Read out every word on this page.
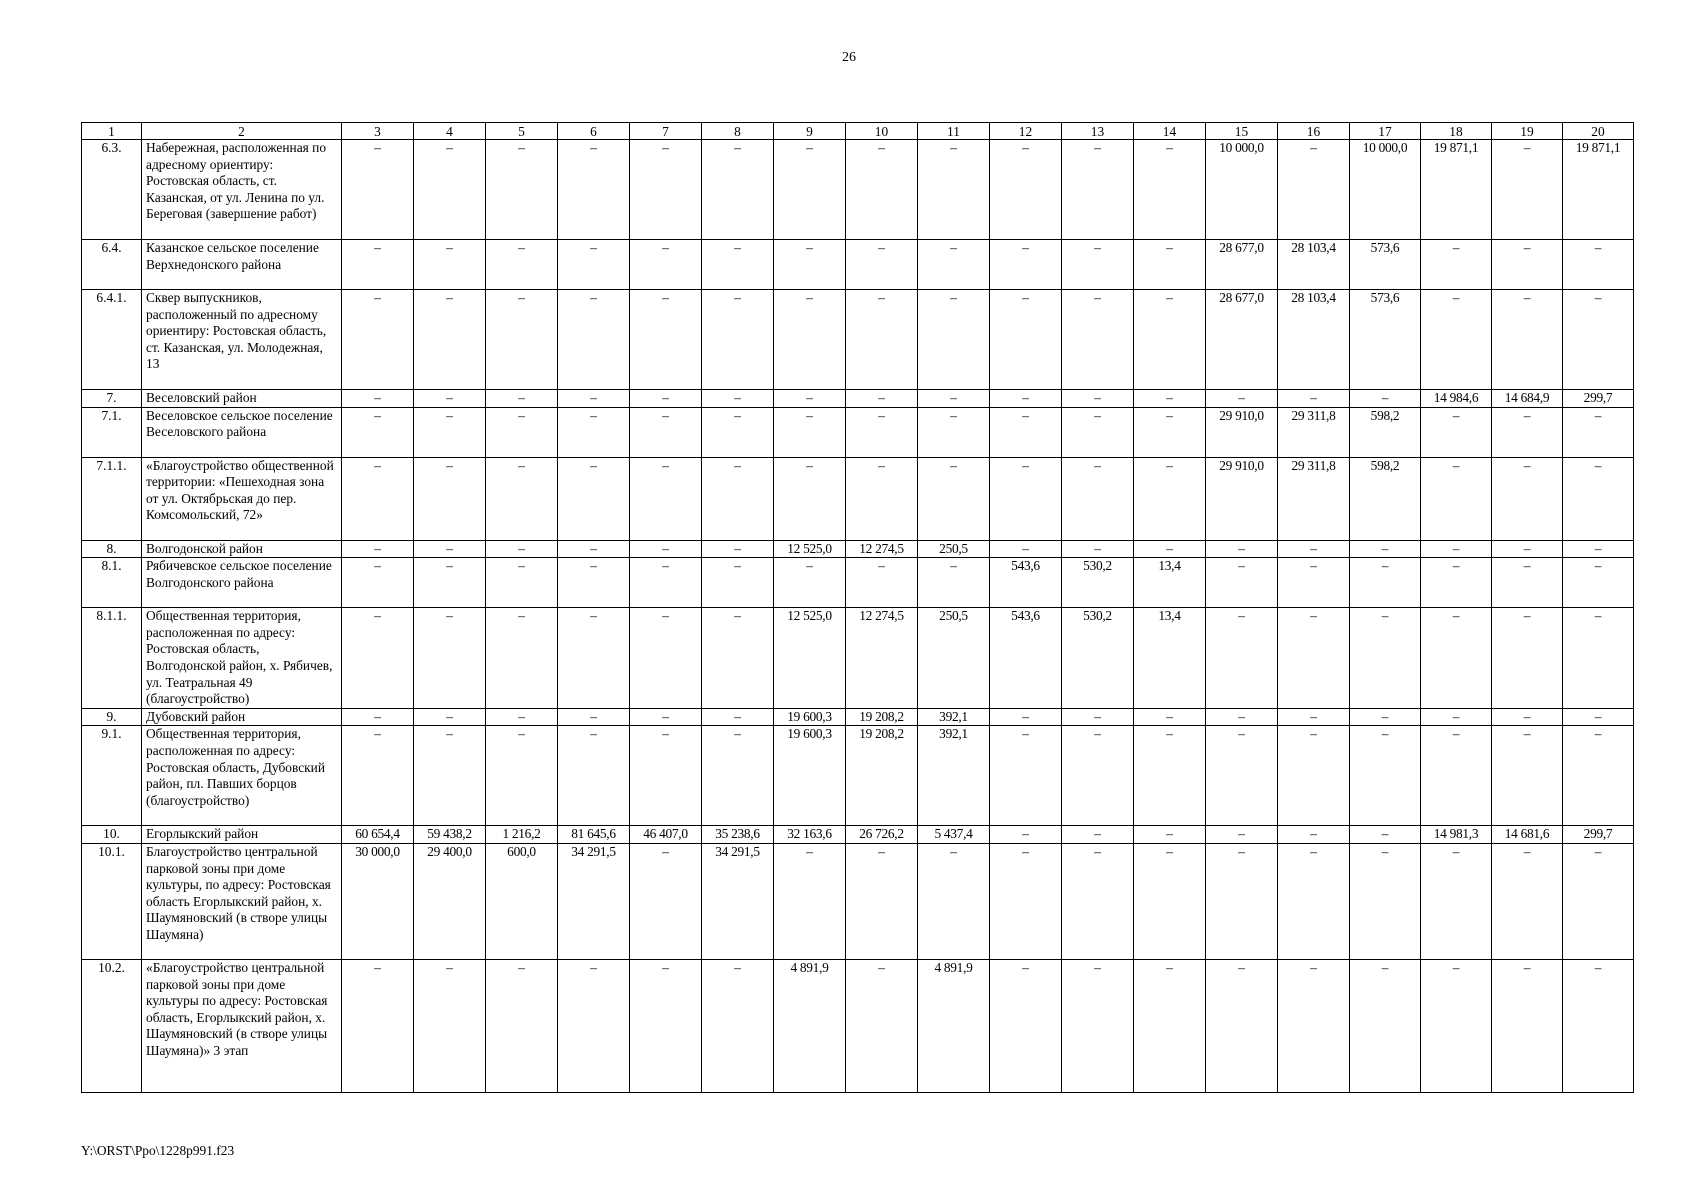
26
1	2	3	4	5	6	7	8	9	10	11	12	13	14	15	16	17	18	19	20
6.3.	Набережная, расположенная по адресному ориентиру: Ростовская область, ст. Казанская, от ул. Ленина по ул. Береговая (завершение работ)	–	–	–	–	–	–	–	–	–	–	–	–	10 000,0	–	10 000,0	19 871,1	–	19 871,1
6.4.	Казанское сельское поселение Верхнедонского района	–	–	–	–	–	–	–	–	–	–	–	–	28 677,0	28 103,4	573,6	–	–	–
6.4.1.	Сквер выпускников, расположенный по адресному ориентиру: Ростовская область, ст. Казанская, ул. Молодежная, 13	–	–	–	–	–	–	–	–	–	–	–	–	28 677,0	28 103,4	573,6	–	–	–
7.	Веселовский район	–	–	–	–	–	–	–	–	–	–	–	–	–	–	–	14 984,6	14 684,9	299,7
7.1.	Веселовское сельское поселение Веселовского района	–	–	–	–	–	–	–	–	–	–	–	–	29 910,0	29 311,8	598,2	–	–	–
7.1.1.	«Благоустройство общественной территории: «Пешеходная зона от ул. Октябрьская до пер. Комсомольский, 72»	–	–	–	–	–	–	–	–	–	–	–	–	29 910,0	29 311,8	598,2	–	–	–
8.	Волгодонской район	–	–	–	–	–	–	12 525,0	12 274,5	250,5	–	–	–	–	–	–	–	–	–
8.1.	Рябичевское сельское поселение Волгодонского района	–	–	–	–	–	–	–	–	–	543,6	530,2	13,4	–	–	–	–	–	–
8.1.1.	Общественная территория, расположенная по адресу: Ростовская область, Волгодонской район, х. Рябичев, ул. Театральная 49 (благоустройство)	–	–	–	–	–	–	12 525,0	12 274,5	250,5	543,6	530,2	13,4	–	–	–	–	–	–
9.	Дубовский район	–	–	–	–	–	–	19 600,3	19 208,2	392,1	–	–	–	–	–	–	–	–	–
9.1.	Общественная территория, расположенная по адресу: Ростовская область, Дубовский район, пл. Павших борцов (благоустройство)	–	–	–	–	–	–	19 600,3	19 208,2	392,1	–	–	–	–	–	–	–	–	–
10.	Егорлыкский район	60 654,4	59 438,2	1 216,2	81 645,6	46 407,0	35 238,6	32 163,6	26 726,2	5 437,4	–	–	–	–	–	–	14 981,3	14 681,6	299,7
10.1.	Благоустройство центральной парковой зоны при доме культуры, по адресу: Ростовская область Егорлыкский район, х. Шаумяновский (в створе улицы Шаумяна)	30 000,0	29 400,0	600,0	34 291,5	–	34 291,5	–	–	–	–	–	–	–	–	–	–	–	–
10.2.	«Благоустройство центральной парковой зоны при доме культуры по адресу: Ростовская область, Егорлыкский район, х. Шаумяновский (в створе улицы Шаумяна)» 3 этап	–	–	–	–	–	–	4 891,9	–	4 891,9	–	–	–	–	–	–	–	–	–
Y:\ORST\Ppo\1228p991.f23
